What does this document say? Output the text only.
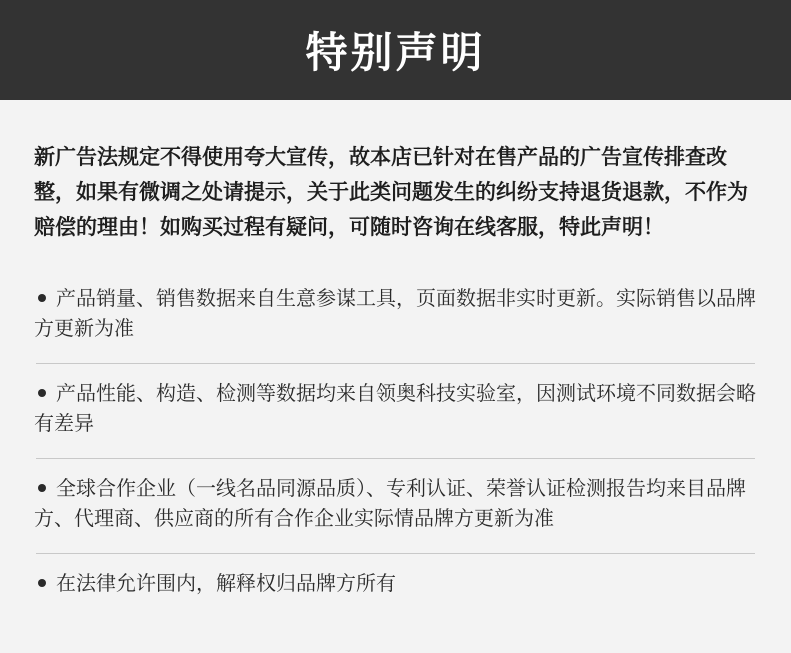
特别声明
新广告法规定不得使用夸大宣传，故本店已针对在售产品的广告宣传排查改整，如果有微调之处请提示，关于此类问题发生的纠纷支持退货退款，不作为赔偿的理由！如购买过程有疑问，可随时咨询在线客服，特此声明！
产品销量、销售数据来自生意参谋工具，页面数据非实时更新。实际销售以品牌方更新为准
产品性能、构造、检测等数据均来自领奥科技实验室，因测试环境不同数据会略有差异
全球合作企业（一线名品同源品质）、专利认证、荣誉认证检测报告均来目品牌方、代理商、供应商的所有合作企业实际情品牌方更新为准
在法律允许围内，解释权归品牌方所有
